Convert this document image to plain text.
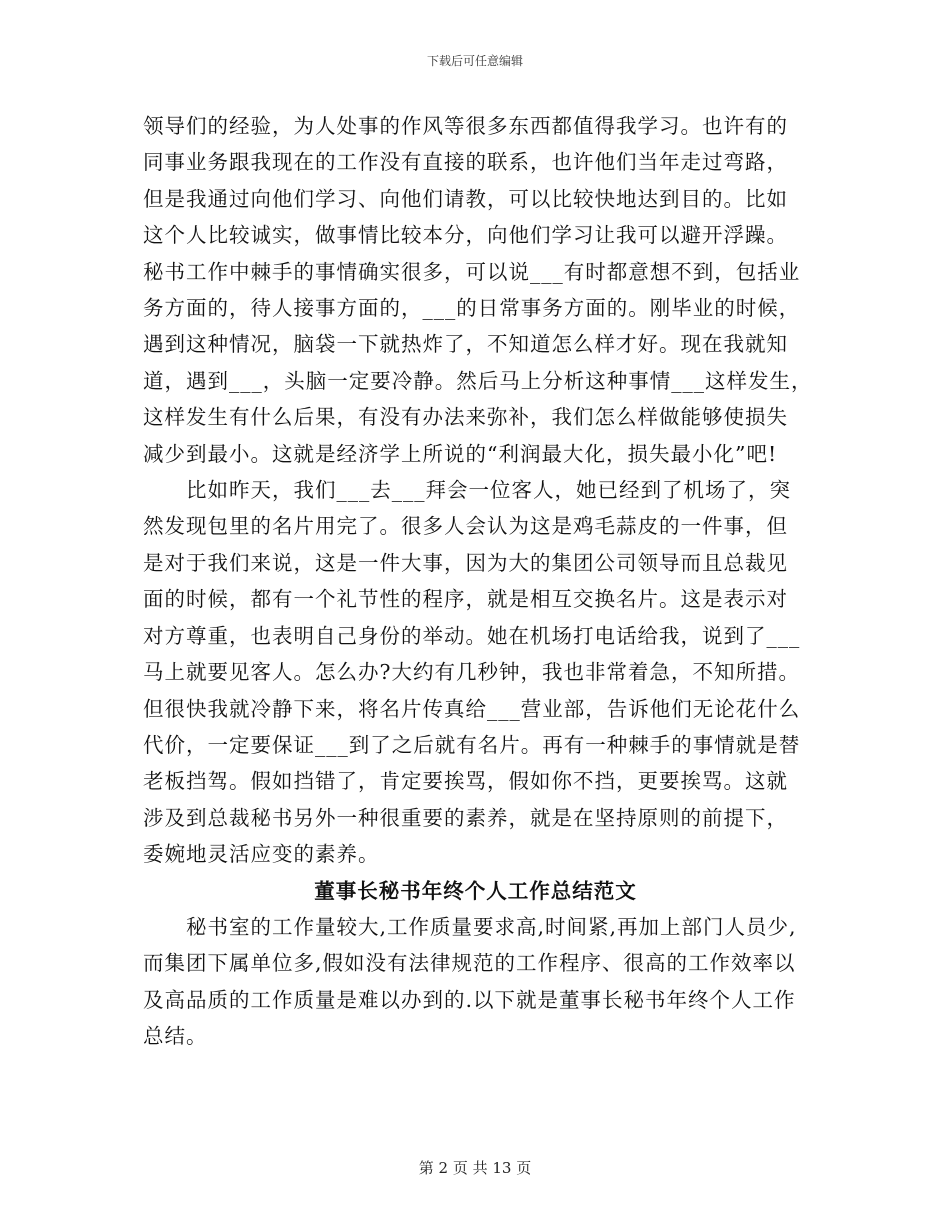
下载后可任意编辑

领导们的经验，为人处事的作风等很多东西都值得我学习。也许有的

同事业务跟我现在的工作没有直接的联系，也许他们当年走过弯路，

但是我通过向他们学习、向他们请教，可以比较快地达到目的。比如

这个人比较诚实，做事情比较本分，向他们学习让我可以避开浮躁。

秘书工作中棘手的事情确实很多，可以说___有时都意想不到，包括业

务方面的，待人接事方面的，___的日常事务方面的。刚毕业的时候，

遇到这种情况，脑袋一下就热炸了，不知道怎么样才好。现在我就知

道，遇到___，头脑一定要冷静。然后马上分析这种事情___这样发生，

这样发生有什么后果，有没有办法来弥补，我们怎么样做能够使损失

减少到最小。这就是经济学上所说的“利润最大化，损失最小化”吧!

　　比如昨天，我们___去___拜会一位客人，她已经到了机场了，突

然发现包里的名片用完了。很多人会认为这是鸡毛蒜皮的一件事，但

是对于我们来说，这是一件大事，因为大的集团公司领导而且总裁见

面的时候，都有一个礼节性的程序，就是相互交换名片。这是表示对

对方尊重，也表明自己身份的举动。她在机场打电话给我，说到了___

马上就要见客人。怎么办?大约有几秒钟，我也非常着急，不知所措。

但很快我就冷静下来，将名片传真给___营业部，告诉他们无论花什么

代价，一定要保证___到了之后就有名片。再有一种棘手的事情就是替

老板挡驾。假如挡错了，肯定要挨骂，假如你不挡，更要挨骂。这就

涉及到总裁秘书另外一种很重要的素养，就是在坚持原则的前提下，

委婉地灵活应变的素养。

董事长秘书年终个人工作总结范文

　　秘书室的工作量较大,工作质量要求高,时间紧,再加上部门人员少,

而集团下属单位多,假如没有法律规范的工作程序、很高的工作效率以

及高品质的工作质量是难以办到的.以下就是董事长秘书年终个人工作

总结。

第 2 页 共 13 页
